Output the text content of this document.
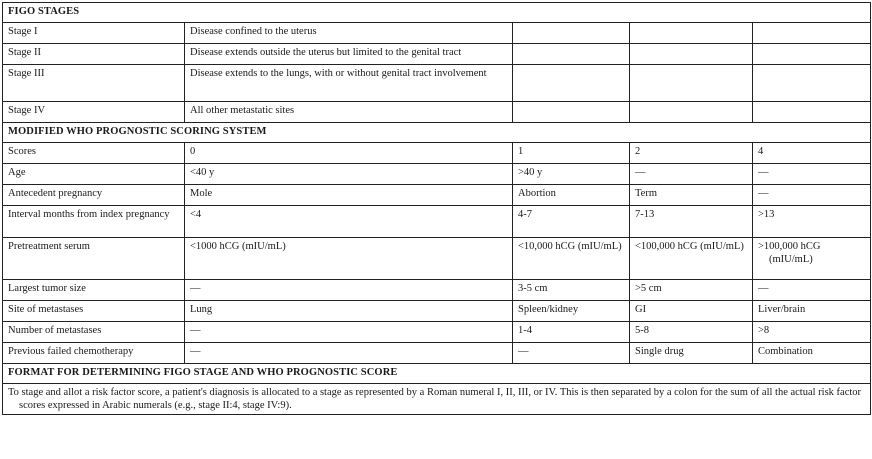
FIGO STAGES				
Stage I	Disease confined to the uterus			
Stage II	Disease extends outside the uterus but limited to the genital tract			
Stage III	Disease extends to the lungs, with or without genital tract involvement			

Stage IV	All other metastatic sites			
MODIFIED WHO PROGNOSTIC SCORING SYSTEM				
Scores	0	1	2	4
Age	<40 y	>40 y	—	—
Antecedent pregnancy	Mole	Abortion	Term	—

Interval months from index pregnancy	<4	4-7	7-13	>13
Pretreatment serum	<1000 hCG (mIU/mL)	<10,000 hCG (mIU/mL)	<100,000 hCG (mIU/mL)	>100,000 hCG (mIU/mL)

Largest tumor size	—	3-5 cm	>5 cm	—
Site of metastases	Lung	Spleen/kidney	GI	Liver/brain
Number of metastases	—	1-4	5-8	>8
Previous failed chemotherapy	—	—	Single drug	Combination
FORMAT FOR DETERMINING FIGO STAGE AND WHO PROGNOSTIC SCORE				

To stage and allot a risk factor score, a patient's diagnosis is allocated to a stage as represented by a Roman numeral I, II, III, or IV. This is then separated by a colon for the sum of all the actual risk factor scores expressed in Arabic numerals (e.g., stage II:4, stage IV:9).				
